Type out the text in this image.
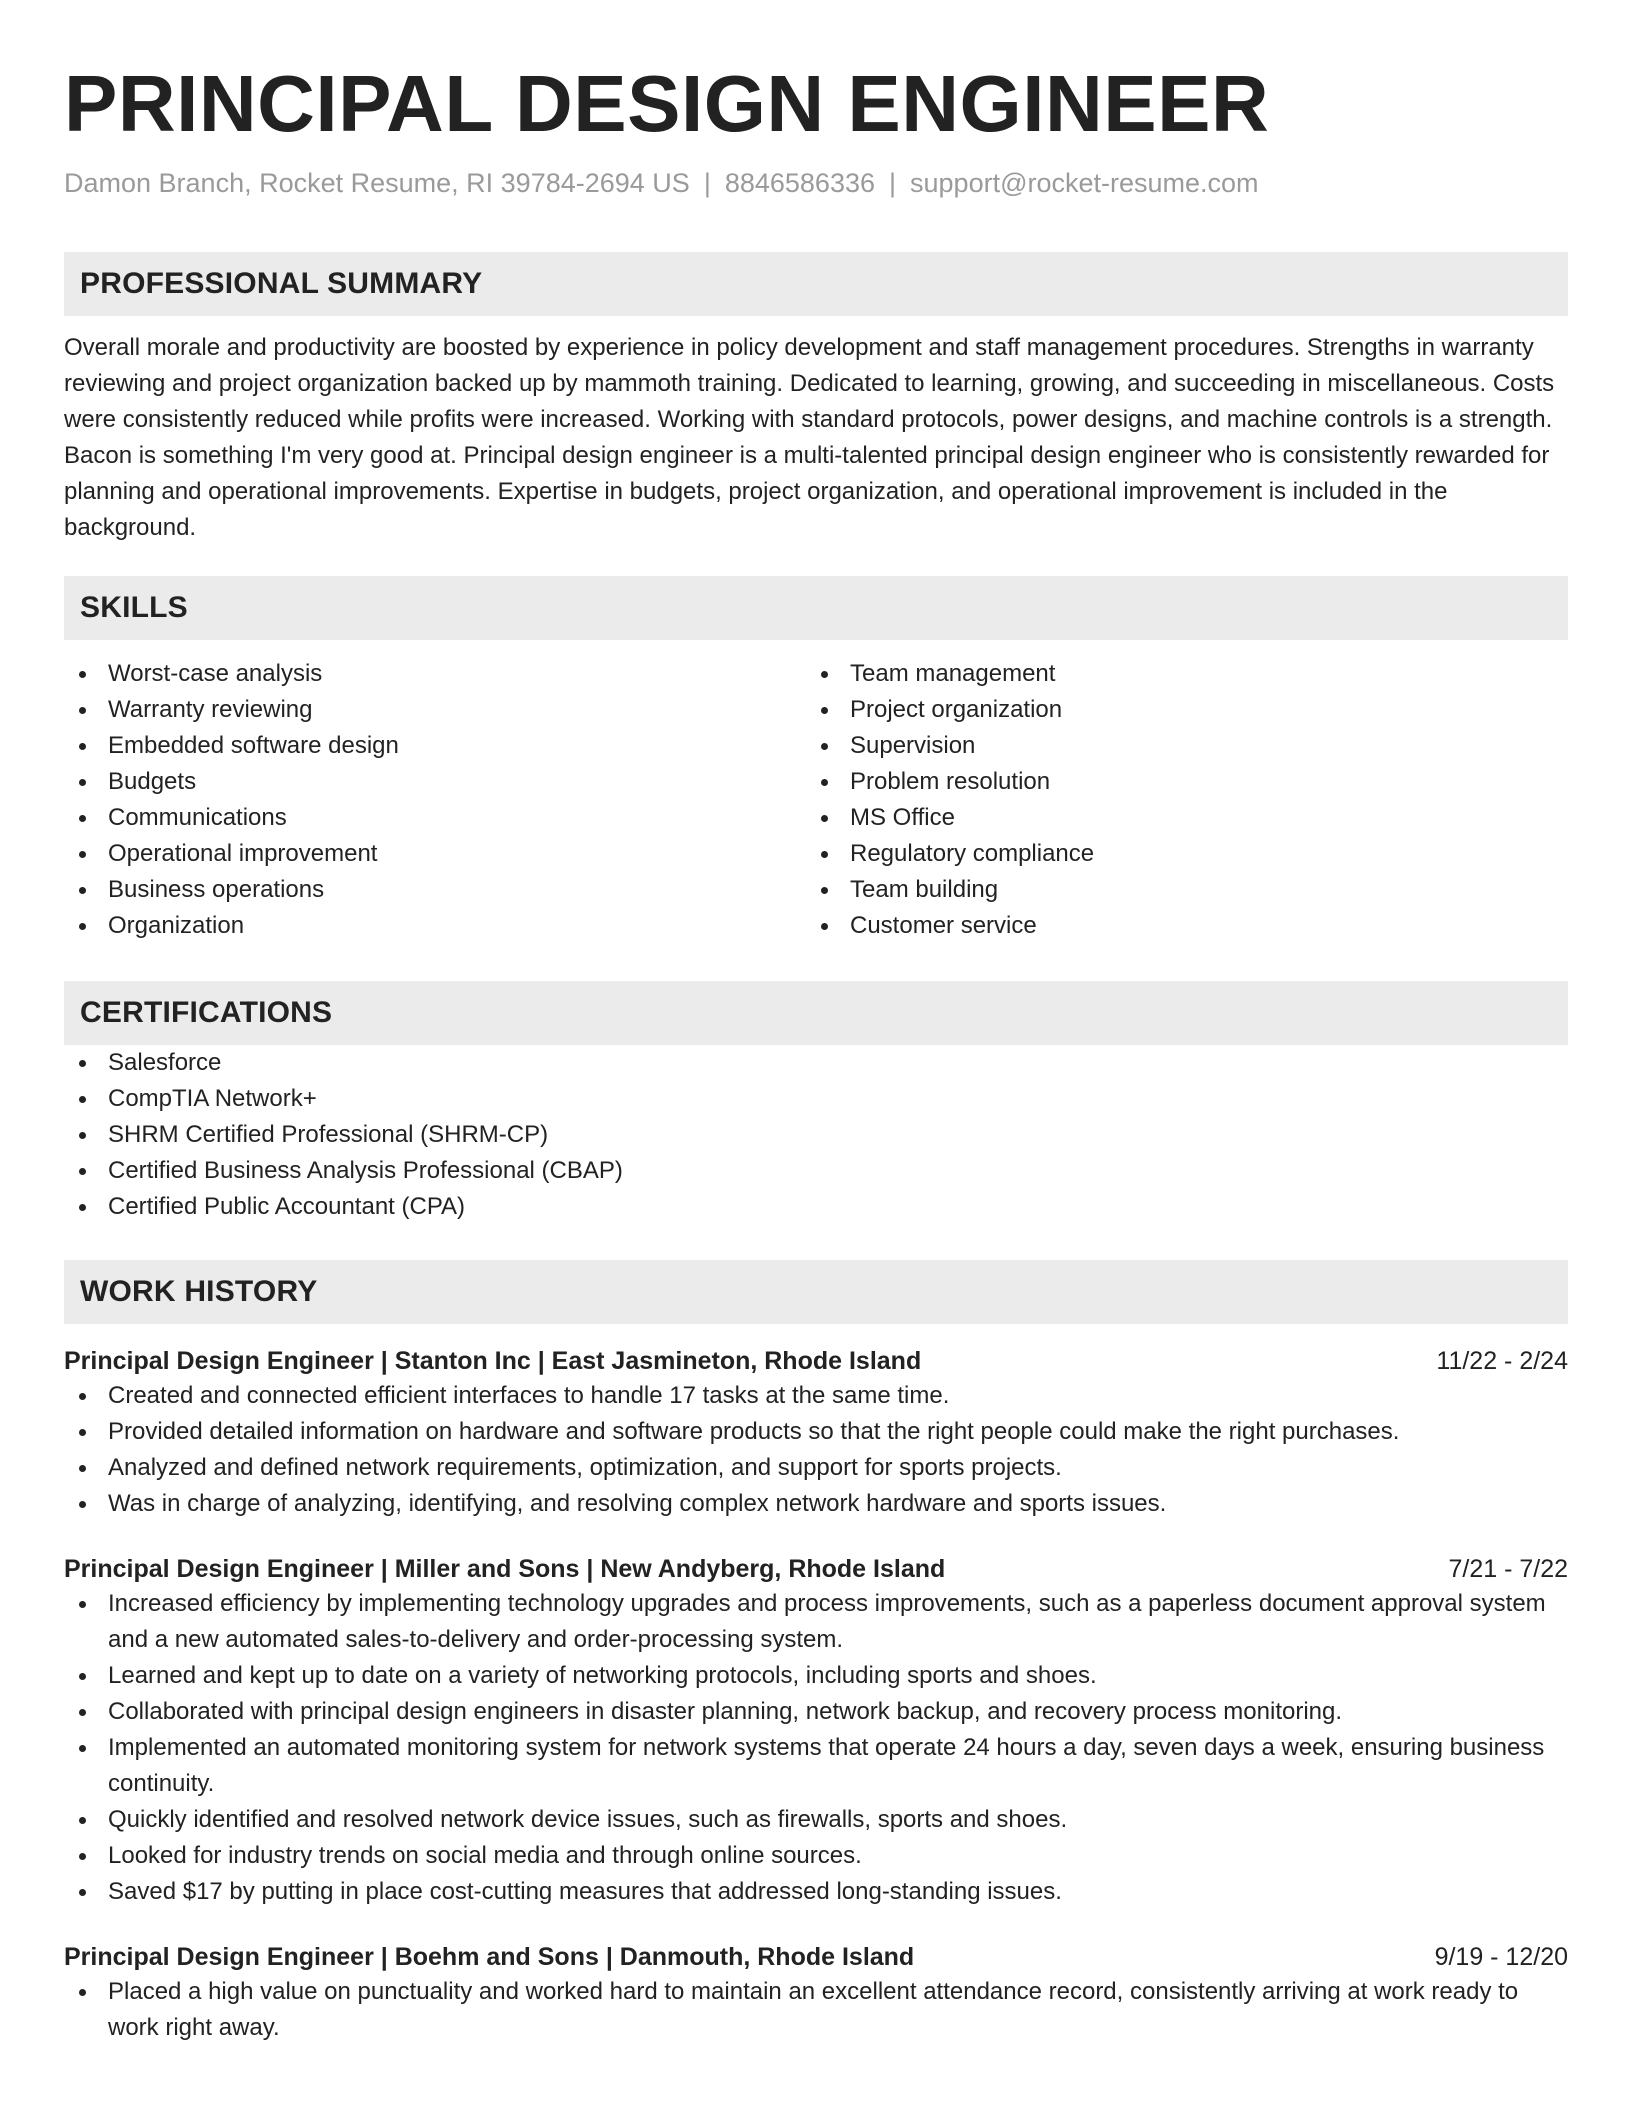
PRINCIPAL DESIGN ENGINEER
Damon Branch, Rocket Resume, RI 39784-2694 US | 8846586336 | support@rocket-resume.com
PROFESSIONAL SUMMARY

Overall morale and productivity are boosted by experience in policy development and staff management procedures. Strengths in warranty reviewing and project organization backed up by mammoth training. Dedicated to learning, growing, and succeeding in miscellaneous. Costs were consistently reduced while profits were increased. Working with standard protocols, power designs, and machine controls is a strength. Bacon is something I'm very good at. Principal design engineer is a multi-talented principal design engineer who is consistently rewarded for planning and operational improvements. Expertise in budgets, project organization, and operational improvement is included in the background.

SKILLS
Worst-case analysis
Warranty reviewing
Embedded software design
Budgets
Communications
Operational improvement
Business operations
Organization
Team management
Project organization
Supervision
Problem resolution
MS Office
Regulatory compliance
Team building
Customer service
CERTIFICATIONS
Salesforce
CompTIA Network+
SHRM Certified Professional (SHRM-CP)
Certified Business Analysis Professional (CBAP)
Certified Public Accountant (CPA)
WORK HISTORY
Principal Design Engineer | Stanton Inc | East Jasmineton, Rhode Island	11/22 - 2/24
Created and connected efficient interfaces to handle 17 tasks at the same time.
Provided detailed information on hardware and software products so that the right people could make the right purchases.
Analyzed and defined network requirements, optimization, and support for sports projects.
Was in charge of analyzing, identifying, and resolving complex network hardware and sports issues.
Principal Design Engineer | Miller and Sons | New Andyberg, Rhode Island	7/21 - 7/22
Increased efficiency by implementing technology upgrades and process improvements, such as a paperless document approval system and a new automated sales-to-delivery and order-processing system.
Learned and kept up to date on a variety of networking protocols, including sports and shoes.
Collaborated with principal design engineers in disaster planning, network backup, and recovery process monitoring.
Implemented an automated monitoring system for network systems that operate 24 hours a day, seven days a week, ensuring business continuity.
Quickly identified and resolved network device issues, such as firewalls, sports and shoes.
Looked for industry trends on social media and through online sources.
Saved $17 by putting in place cost-cutting measures that addressed long-standing issues.
Principal Design Engineer | Boehm and Sons | Danmouth, Rhode Island	9/19 - 12/20
Placed a high value on punctuality and worked hard to maintain an excellent attendance record, consistently arriving at work ready to work right away.
